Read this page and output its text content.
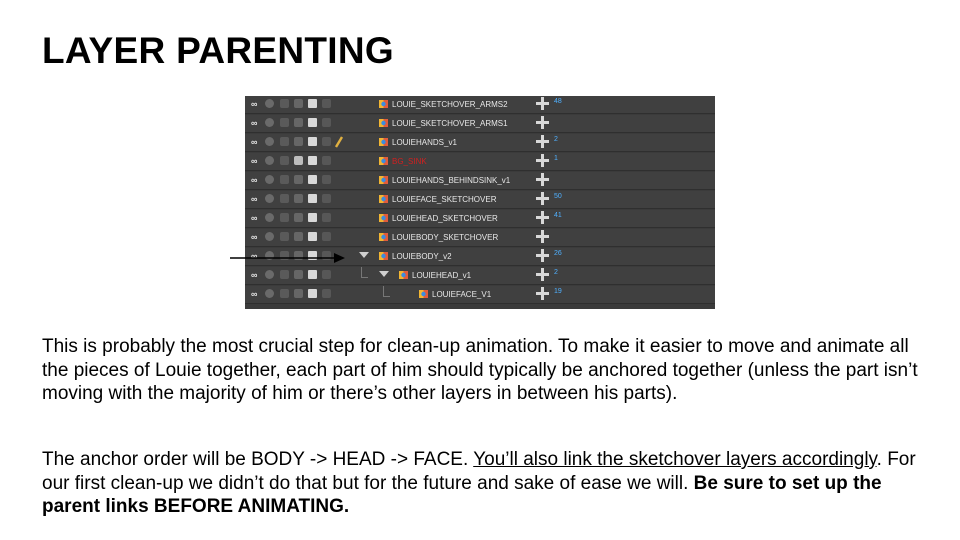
LAYER PARENTING
∞	LOUIE_SKETCHOVER_ARMS2	48
∞	LOUIE_SKETCHOVER_ARMS1
∞	LOUIEHANDS_v1	2
∞	BG_SINK	1
∞	LOUIEHANDS_BEHINDSINK_v1
∞	LOUIEFACE_SKETCHOVER	50
∞	LOUIEHEAD_SKETCHOVER	41
∞	LOUIEBODY_SKETCHOVER
∞	LOUIEBODY_v2	26
∞	LOUIEHEAD_v1	2
∞	LOUIEFACE_V1	19

This is probably the most crucial step for clean-up animation. To make it easier to move and animate all the pieces of Louie together, each part of him should typically be anchored together (unless the part isn’t moving with the majority of him or there’s other layers in between his parts).

The anchor order will be BODY -> HEAD -> FACE. You’ll also link the sketchover layers accordingly. For our first clean-up we didn’t do that but for the future and sake of ease we will. Be sure to set up the parent links BEFORE ANIMATING.
